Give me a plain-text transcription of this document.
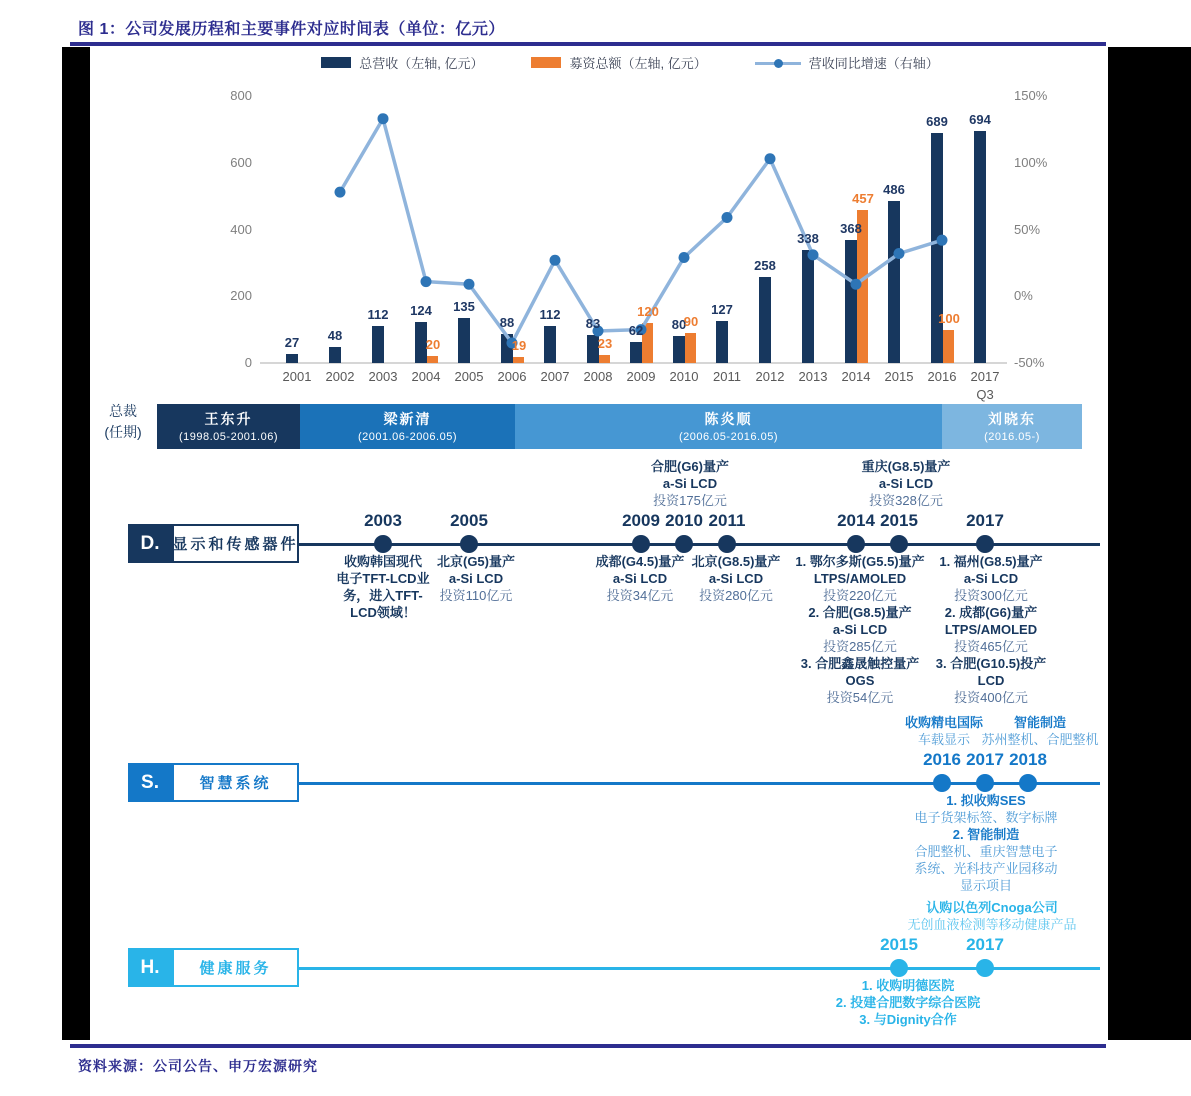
图 1：公司发展历程和主要事件对应时间表（单位：亿元）
总营收（左轴, 亿元）	募资总额（左轴, 亿元）	营收同比增速（右轴）
800
600
400
200
0
150%
100%
50%
0%
-50%
2001	2002	2003	2004	2005	2006	2007	2008	2009	2010	2011	2012	2013	2014	2015	2016	2017
Q3
27	48
112	124	135
88
112
83	62	80
127
258
338
368
486
689	694
20	19	23
120
90
457
100
总裁
(任期)
王东升
(1998.05-2001.06)
梁新清
(2001.06-2006.05)
陈炎顺
(2006.05-2016.05)
刘晓东
(2016.05-)
D. 显示和传感器件
2003	2005	2009 2010 2011	2014 2015	2017
合肥(G6)量产
a-Si LCD
投资175亿元
重庆(G8.5)量产
a-Si LCD
投资328亿元
收购韩国现代
电子TFT-LCD业
务，进入TFT-
LCD领域！
北京(G5)量产
a-Si LCD
投资110亿元
成都(G4.5)量产
a-Si LCD
投资34亿元
北京(G8.5)量产
a-Si LCD
投资280亿元
1. 鄂尔多斯(G5.5)量产
LTPS/AMOLED
投资220亿元
2. 合肥(G8.5)量产
a-Si LCD
投资285亿元
3. 合肥鑫晟触控量产
OGS
投资54亿元
1. 福州(G8.5)量产
a-Si LCD
投资300亿元
2. 成都(G6)量产
LTPS/AMOLED
投资465亿元
3. 合肥(G10.5)投产
LCD
投资400亿元
S.	智慧系统
2016 2017 2018
收购精电国际
车载显示
智能制造
苏州整机、合肥整机
1. 拟收购SES
电子货架标签、数字标牌
2. 智能制造
合肥整机、重庆智慧电子
系统、光科技产业园移动
显示项目
H.	健康服务
2015	2017
认购以色列Cnoga公司
无创血液检测等移动健康产品
1. 收购明德医院
2. 投建合肥数字综合医院
3. 与Dignity合作
资料来源：公司公告、申万宏源研究
